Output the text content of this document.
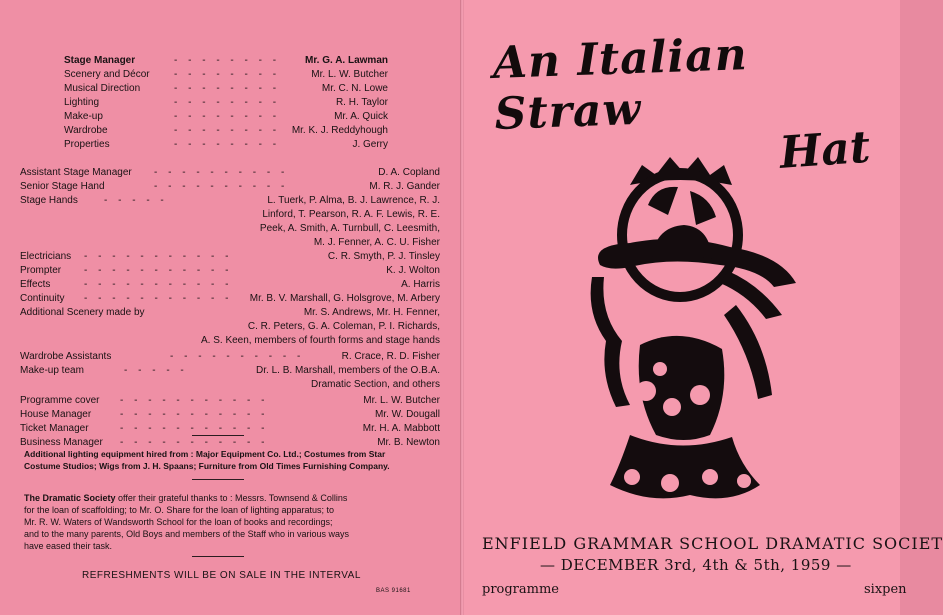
Stage Manager	- - - - - - - - Mr. G. A. Lawman
Scenery and Décor - - - - - - - -	Mr. L. W. Butcher
Musical Direction	- - - - - - - -	Mr. C. N. Lowe
Lighting	- - - - - - - -	R. H. Taylor
Make-up	- - - - - - - -	Mr. A. Quick
Wardrobe	- - - - - - - - Mr. K. J. Reddyhough
Properties	- - - - - - - -	J. Gerry
Assistant Stage Manager - - - - - - - - - -	D. A. Copland
Senior Stage Hand	- - - - - - - - - -	M. R. J. Gander
Stage Hands	- - - - -	L. Tuerk, P. Alma, B. J. Lawrence, R. J.
Linford, T. Pearson, R. A. F. Lewis, R. E.
Peek, A. Smith, A. Turnbull, C. Leesmith,
M. J. Fenner, A. C. U. Fisher
Electricians - - - - - - - - - - -	C. R. Smyth, P. J. Tinsley
Prompter - - - - - - - - - - -	K. J. Wolton
Effects	- - - - - - - - - - -	A. Harris
Continuity - - - - - - - - - - - Mr. B. V. Marshall, G. Holsgrove, M. Arbery
Additional Scenery made by	Mr. S. Andrews, Mr. H. Fenner,
C. R. Peters, G. A. Coleman, P. I. Richards,
A. S. Keen, members of fourth forms and stage hands
Wardrobe Assistants	- - - - - - - - - -	R. Crace, R. D. Fisher
Make-up team	- - - - -	Dr. L. B. Marshall, members of the O.B.A.
Dramatic Section, and others
Programme cover - - - - - - - - - - -	Mr. L. W. Butcher
House Manager	- - - - - - - - - - -	Mr. W. Dougall
Ticket Manager	- - - - - - - - - - -	Mr. H. A. Mabbott
Business Manager - - - - - - - - - - -	Mr. B. Newton
Additional lighting equipment hired from : Major Equipment Co. Ltd.; Costumes from Star
Costume Studios; Wigs from J. H. Spaans; Furniture from Old Times Furnishing Company.
The Dramatic Society offer their grateful thanks to : Messrs. Townsend & Collins
for the loan of scaffolding; to Mr. O. Share for the loan of lighting apparatus; to
Mr. R. W. Waters of Wandsworth School for the loan of books and recordings;
and to the many parents, Old Boys and members of the Staff who in various ways
have eased their task.
REFRESHMENTS WILL BE ON SALE IN THE INTERVAL
BAS 91681
An Italian Straw
Hat
ENFIELD GRAMMAR SCHOOL DRAMATIC SOCIET
— DECEMBER 3rd, 4th & 5th, 1959 —
programme	sixpen
